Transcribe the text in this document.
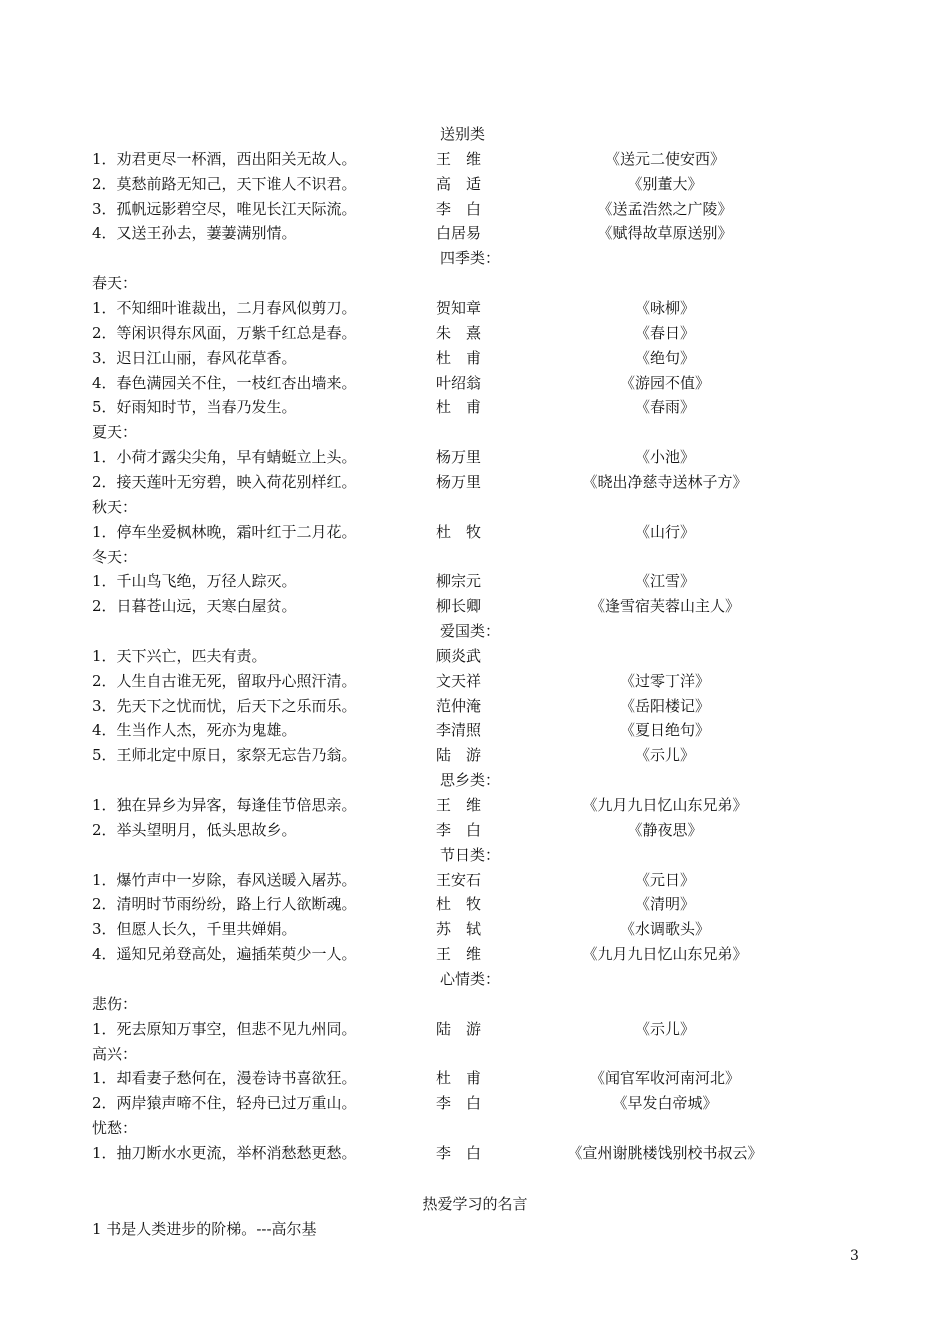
送别类
1．劝君更尽一杯酒，西出阳关无故人。	王　维	《送元二使安西》
2．莫愁前路无知己，天下谁人不识君。	高　适	《别董大》
3．孤帆远影碧空尽，唯见长江天际流。	李　白	《送孟浩然之广陵》
4．又送王孙去，萋萋满别情。	白居易	《赋得故草原送别》
四季类：
春天：
1．不知细叶谁裁出，二月春风似剪刀。	贺知章	《咏柳》
2．等闲识得东风面，万紫千红总是春。	朱　熹	《春日》
3．迟日江山丽，春风花草香。	杜　甫	《绝句》
4．春色满园关不住，一枝红杏出墙来。	叶绍翁	《游园不值》
5．好雨知时节，当春乃发生。	杜　甫	《春雨》
夏天：
1．小荷才露尖尖角，早有蜻蜓立上头。	杨万里	《小池》
2．接天莲叶无穷碧，映入荷花别样红。	杨万里	《晓出净慈寺送林子方》
秋天：
1．停车坐爱枫林晚，霜叶红于二月花。	杜　牧	《山行》
冬天：
1．千山鸟飞绝，万径人踪灭。	柳宗元	《江雪》
2．日暮苍山远，天寒白屋贫。	柳长卿	《逢雪宿芙蓉山主人》
爱国类：
1．天下兴亡，匹夫有责。	顾炎武
2．人生自古谁无死，留取丹心照汗清。	文天祥	《过零丁洋》
3．先天下之忧而忧，后天下之乐而乐。	范仲淹	《岳阳楼记》
4．生当作人杰，死亦为鬼雄。	李清照	《夏日绝句》
5．王师北定中原日，家祭无忘告乃翁。	陆　游	《示儿》
思乡类：
1．独在异乡为异客，每逢佳节倍思亲。	王　维	《九月九日忆山东兄弟》
2．举头望明月，低头思故乡。	李　白	《静夜思》
节日类：
1．爆竹声中一岁除，春风送暖入屠苏。	王安石	《元日》
2．清明时节雨纷纷，路上行人欲断魂。	杜　牧	《清明》
3．但愿人长久，千里共婵娟。	苏　轼	《水调歌头》
4．遥知兄弟登高处，遍插茱萸少一人。	王　维	《九月九日忆山东兄弟》
心情类：
悲伤：
1．死去原知万事空，但悲不见九州同。	陆　游	《示儿》
高兴：
1．却看妻子愁何在，漫卷诗书喜欲狂。	杜　甫	《闻官军收河南河北》
2．两岸猿声啼不住，轻舟已过万重山。	李　白	《早发白帝城》
忧愁：
1．抽刀断水水更流，举杯消愁愁更愁。	李　白	《宣州谢朓楼饯别校书叔云》
热爱学习的名言
1 书是人类进步的阶梯。---高尔基
3
